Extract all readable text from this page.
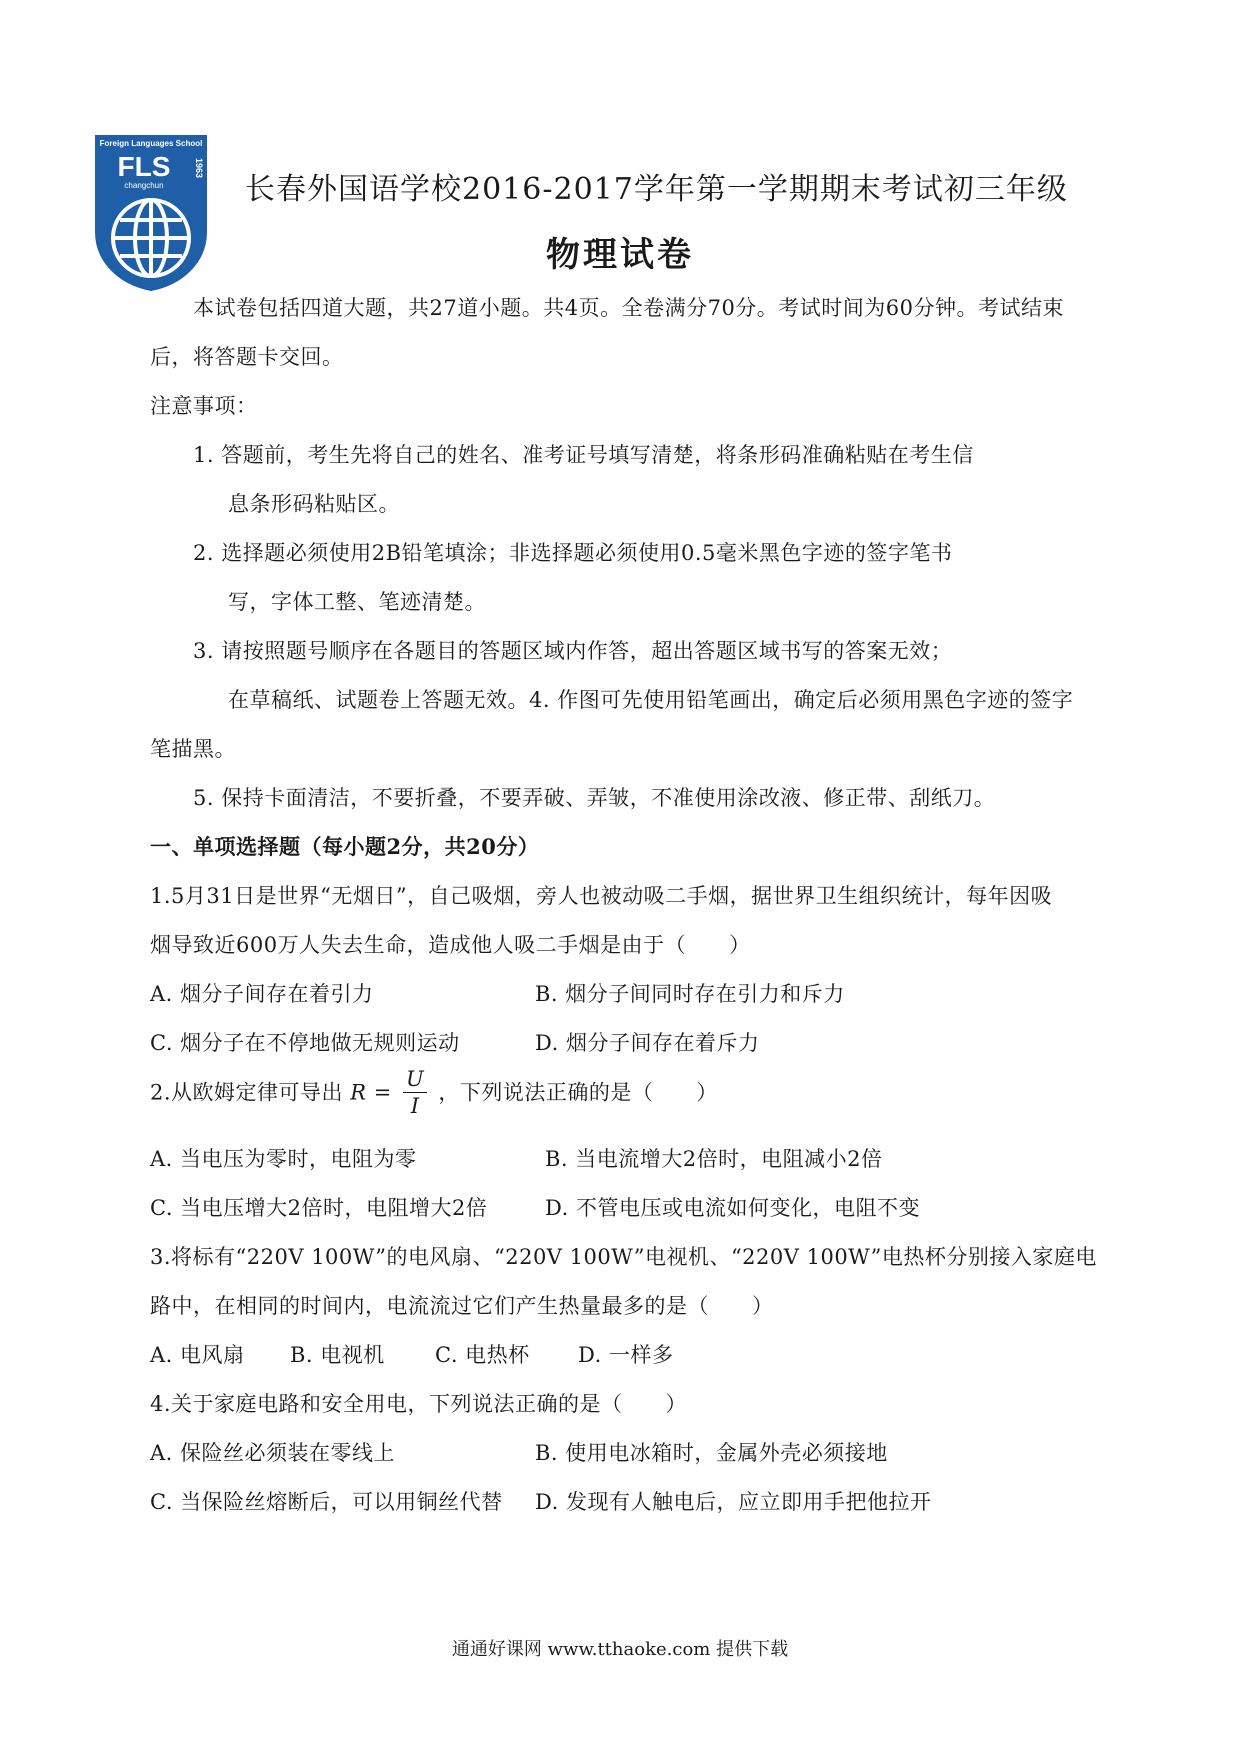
Foreign Languages School
FLS
changchun
1963
长春外国语学校2016-2017学年第一学期期末考试初三年级
物理试卷
本试卷包括四道大题，共27道小题。共4页。全卷满分70分。考试时间为60分钟。考试结束
后，将答题卡交回。
注意事项：
1. 答题前，考生先将自己的姓名、准考证号填写清楚，将条形码准确粘贴在考生信
息条形码粘贴区。
2. 选择题必须使用2B铅笔填涂；非选择题必须使用0.5毫米黑色字迹的签字笔书
写，字体工整、笔迹清楚。
3. 请按照题号顺序在各题目的答题区域内作答，超出答题区域书写的答案无效；
在草稿纸、试题卷上答题无效。4. 作图可先使用铅笔画出，确定后必须用黑色字迹的签字
笔描黑。
5. 保持卡面清洁，不要折叠，不要弄破、弄皱，不准使用涂改液、修正带、刮纸刀。
一、单项选择题（每小题2分，共20分）
1.5月31日是世界“无烟日”，自己吸烟，旁人也被动吸二手烟，据世界卫生组织统计，每年因吸
烟导致近600万人失去生命，造成他人吸二手烟是由于（　　）
A. 烟分子间存在着引力	B. 烟分子间同时存在引力和斥力
C. 烟分子在不停地做无规则运动	D. 烟分子间存在着斥力
2.从欧姆定律可导出 $R = \frac{U}{I}$ ，下列说法正确的是（　　）
A. 当电压为零时，电阻为零	B. 当电流增大2倍时，电阻减小2倍
C. 当电压增大2倍时，电阻增大2倍	D. 不管电压或电流如何变化，电阻不变
3.将标有“220V 100W”的电风扇、“220V 100W”电视机、“220V 100W”电热杯分别接入家庭电
路中，在相同的时间内，电流流过它们产生热量最多的是（　　）
A. 电风扇 B. 电视机 C. 电热杯 D. 一样多
4.关于家庭电路和安全用电，下列说法正确的是（　　）
A. 保险丝必须装在零线上	B. 使用电冰箱时，金属外壳必须接地
C. 当保险丝熔断后，可以用铜丝代替 D. 发现有人触电后，应立即用手把他拉开
通通好课网 www.tthaoke.com 提供下载
